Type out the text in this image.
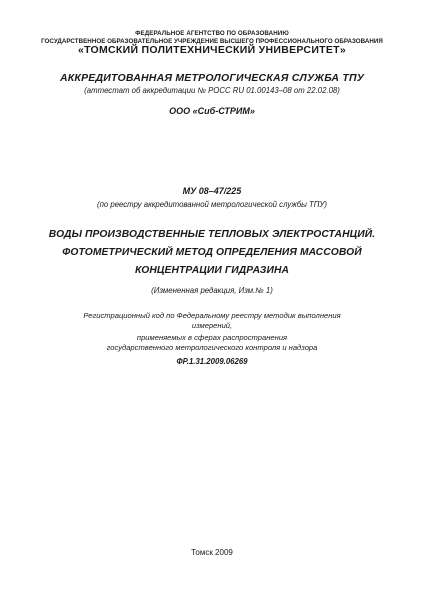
ФЕДЕРАЛЬНОЕ АГЕНТСТВО ПО ОБРАЗОВАНИЮ

ГОСУДАРСТВЕННОЕ ОБРАЗОВАТЕЛЬНОЕ УЧРЕЖДЕНИЕ ВЫСШЕГО ПРОФЕССИОНАЛЬНОГО ОБРАЗОВАНИЯ

«ТОМСКИЙ ПОЛИТЕХНИЧЕСКИЙ УНИВЕРСИТЕТ»

АККРЕДИТОВАННАЯ МЕТРОЛОГИЧЕСКАЯ СЛУЖБА ТПУ

(аттестат об аккредитации № РОСС RU 01.00143–08 от 22.02.08)

ООО «Сиб-СТРИМ»

МУ 08–47/225

(по реестру аккредитованной метрологической службы ТПУ)

ВОДЫ ПРОИЗВОДСТВЕННЫЕ ТЕПЛОВЫХ ЭЛЕКТРОСТАНЦИЙ.

ФОТОМЕТРИЧЕСКИЙ МЕТОД ОПРЕДЕЛЕНИЯ МАССОВОЙ

КОНЦЕНТРАЦИИ ГИДРАЗИНА

(Измененная редакция, Изм.№ 1)

Регистрационный код по Федеральному реестру методик выполнения

измерений,

применяемых в сферах распространения

государственного метрологического контроля и надзора

ФР.1.31.2009.06269

Томск 2009
